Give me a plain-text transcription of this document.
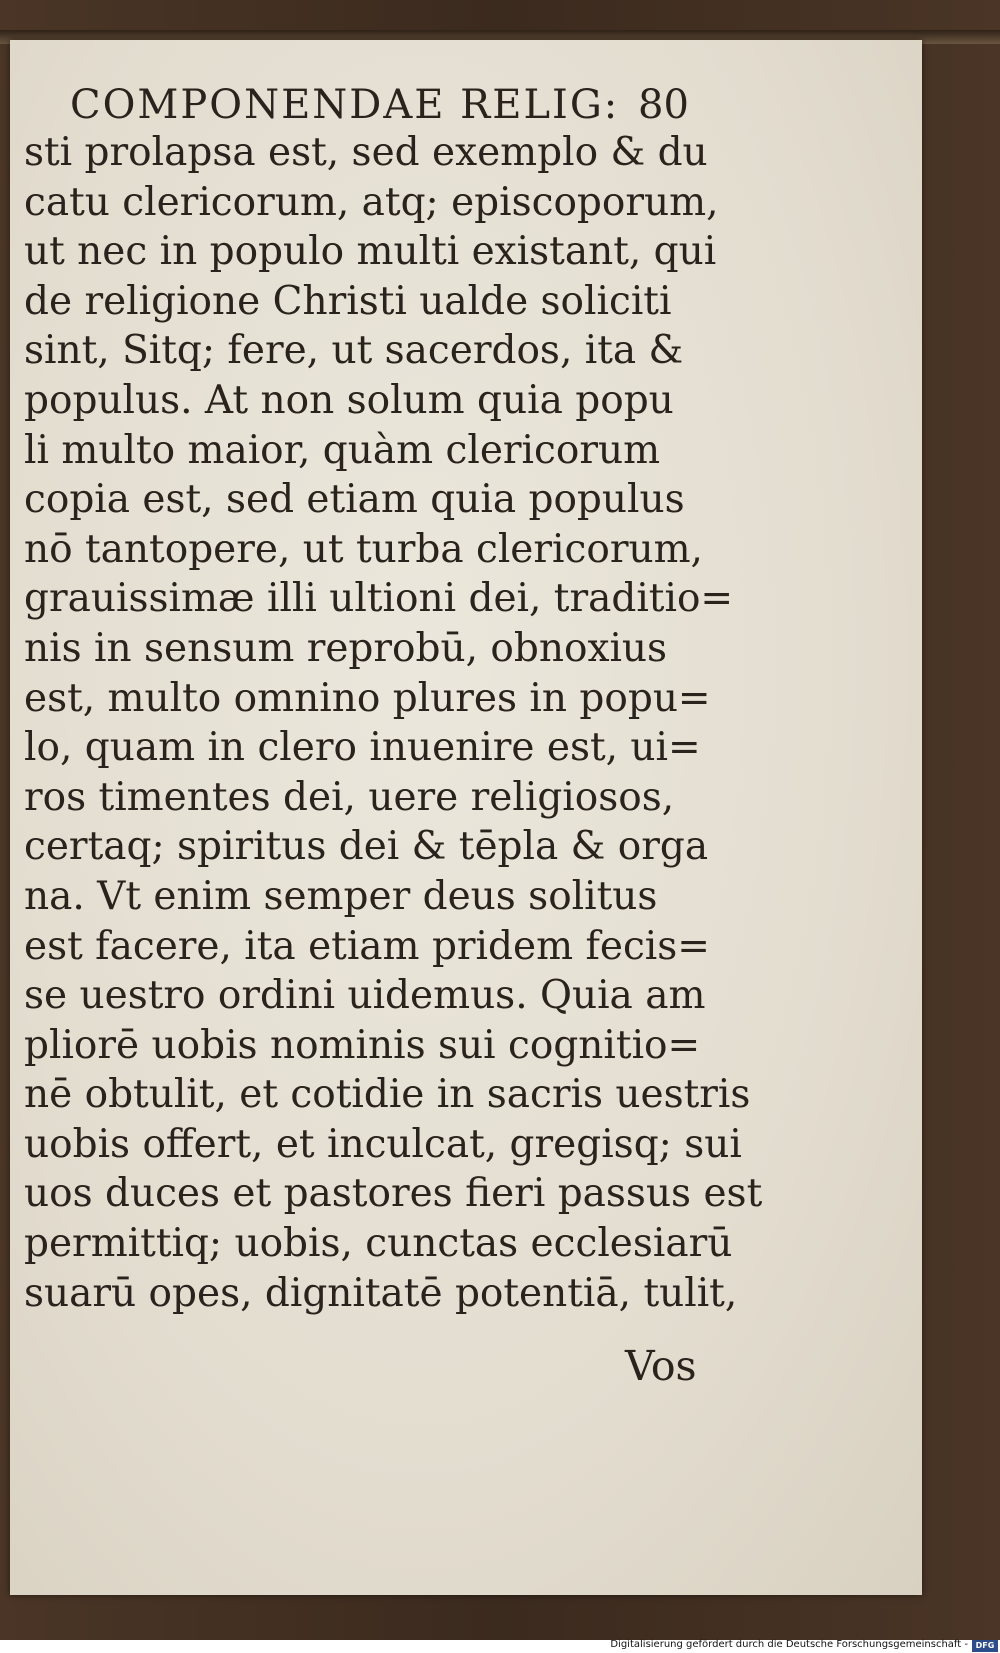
COMPONENDAE RELIG: 80
sti prolapsa est, sed exemplo & du
catu clericorum, atq; episcoporum,
ut nec in populo multi existant, qui
de religione Christi ualde soliciti
sint, Sitq; fere, ut sacerdos, ita &
populus. At non solum quia popu
li multo maior, quàm clericorum
copia est, sed etiam quia populus
nō tantopere, ut turba clericorum,
grauissimæ illi ultioni dei, traditio=
nis in sensum reprobū, obnoxius
est, multo omnino plures in popu=
lo, quam in clero inuenire est, ui=
ros timentes dei, uere religiosos,
certaq; spiritus dei & tēpla & orga
na. Vt enim semper deus solitus
est facere, ita etiam pridem fecis=
se uestro ordini uidemus. Quia am
pliorē uobis nominis sui cognitio=
nē obtulit, et cotidie in sacris uestris
uobis offert, et inculcat, gregisq; sui
uos duces et pastores fieri passus est
permittiq; uobis, cunctas ecclesiarū
suarū opes, dignitatē potentiā, tulit,
Vos
Digitalisierung gefördert durch die Deutsche Forschungsgemeinschaft - DFG
